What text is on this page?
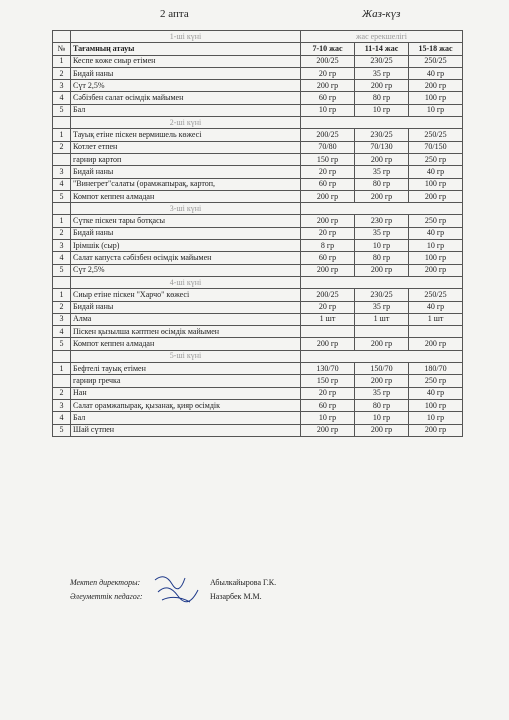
2 апта	Жаз-күз
	1-ші күні	жас ерекшелігі		
№	Тағамның атауы	7-10 жас	11-14 жас	15-18 жас
1	Кеспе көже сиыр етімен	200/25	230/25	250/25
2	Бидай наны	20 гр	35 гр	40 гр
3	Сүт 2,5%	200 гр	200 гр	200 гр
4	Сәбізбен салат өсімдік майымен	60 гр	80 гр	100 гр
5	Бал	10 гр	10 гр	10 гр
	2-ші күні			
1	Тауық етіне піскен вермишель көжесі	200/25	230/25	250/25
2	Котлет етпен	70/80	70/130	70/150
	гарнир картоп	150 гр	200 гр	250 гр
3	Бидай наны	20 гр	35 гр	40 гр
4	"Винегрет"салаты (орамжапырақ, картоп,	60 гр	80 гр	100 гр
5	Компот кеппен алмадан	200 гр	200 гр	200 гр
	3-ші күні			
1	Сүтке піскен тары ботқасы	200 гр	230 гр	250 гр
2	Бидай наны	20 гр	35 гр	40 гр
3	Ірімшік (сыр)	8 гр	10 гр	10 гр
4	Салат капуста сәбізбен өсімдік майымен	60 гр	80 гр	100 гр
5	Сүт 2,5%	200 гр	200 гр	200 гр
	4-ші күні			
1	Сиыр етіне піскен "Харчо" көжесі	200/25	230/25	250/25
2	Бидай наны	20 гр	35 гр	40 гр
3	Алма	1 шт	1 шт	1 шт
4	Піскен қызылша кәптпен өсімдік майымен			
5	Компот кеппен алмадан	200 гр	200 гр	200 гр
	5-ші күні			
1	Бефтелі тауық етімен	130/70	150/70	180/70
	гарнир гречка	150 гр	200 гр	250 гр
2	Нан	20 гр	35 гр	40 гр
3	Салат орамжапырақ, қызанақ, қияр өсімдік	60 гр	80 гр	100 гр
4	Бал	10 гр	10 гр	10 гр
5	Шай сүтпен	200 гр	200 гр	200 гр
Мектеп директоры:	Абылкайырова Г.К.
Әлеуметтік педагог:	Назарбек М.М.
